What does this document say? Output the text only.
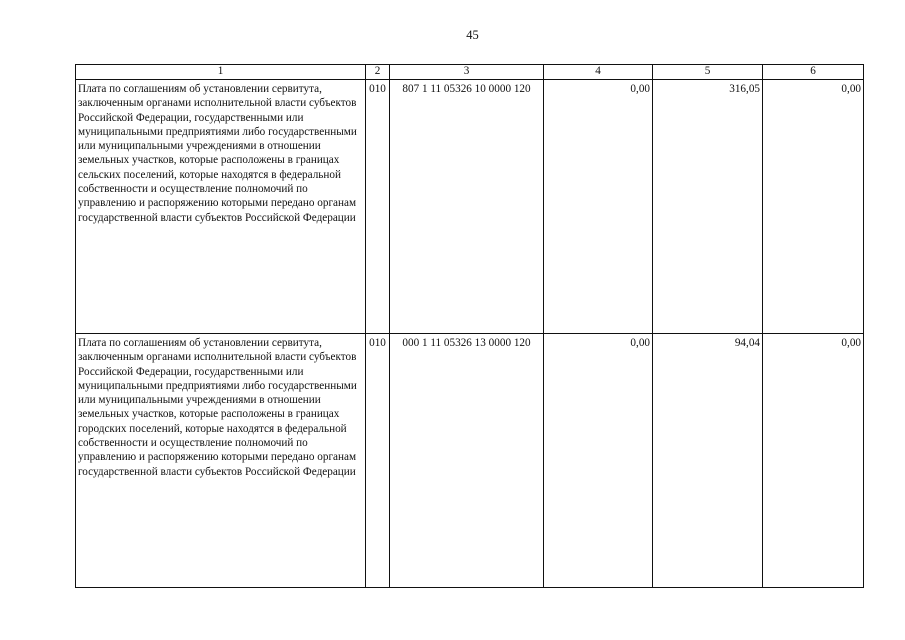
45
1	2	3	4	5	6
Плата по соглашениям об установлении сервитута, заключенным органами исполнительной власти субъектов Российской Федерации, государственными или муниципальными предприятиями либо государственными или муниципальными учреждениями в отношении земельных участков, которые расположены в границах сельских поселений, которые находятся в федеральной собственности и осуществление полномочий по управлению и распоряжению которыми передано органам государственной власти субъектов Российской Федерации	010	807 1 11 05326 10 0000 120	0,00	316,05	0,00
Плата по соглашениям об установлении сервитута, заключенным органами исполнительной власти субъектов Российской Федерации, государственными или муниципальными предприятиями либо государственными или муниципальными учреждениями в отношении земельных участков, которые расположены в границах городских поселений, которые находятся в федеральной собственности и осуществление полномочий по управлению и распоряжению которыми передано органам государственной власти субъектов Российской Федерации	010	000 1 11 05326 13 0000 120	0,00	94,04	0,00
